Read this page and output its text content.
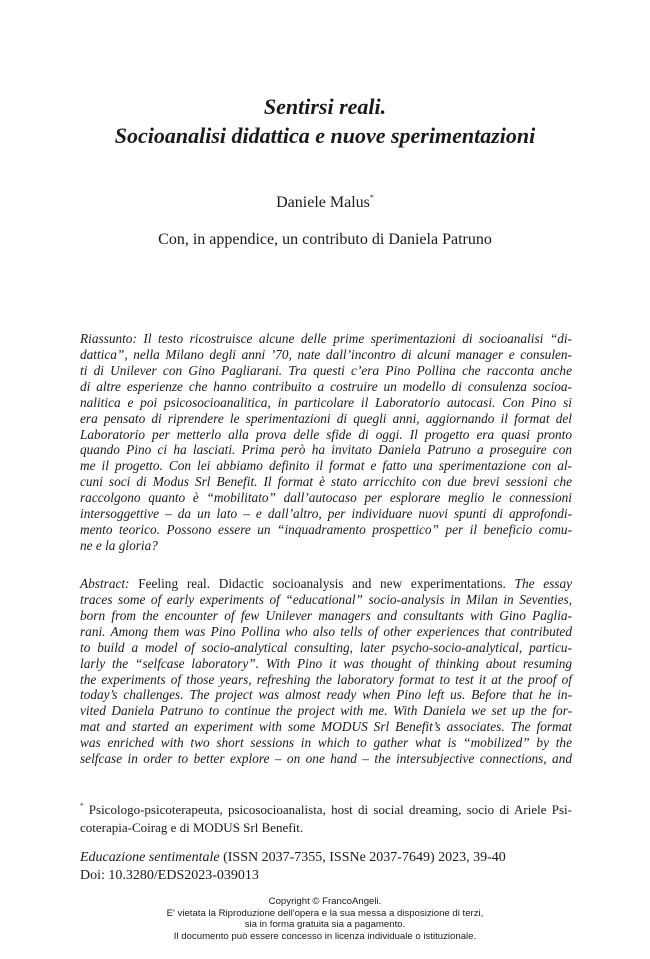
Sentirsi reali.
Socioanalisi didattica e nuove sperimentazioni
Daniele Malus*
Con, in appendice, un contributo di Daniela Patruno
Riassunto: Il testo ricostruisce alcune delle prime sperimentazioni di socioanalisi “di-
dattica”, nella Milano degli anni ’70, nate dall’incontro di alcuni manager e consulen-
ti di Unilever con Gino Pagliarani. Tra questi c’era Pino Pollina che racconta anche
di altre esperienze che hanno contribuito a costruire un modello di consulenza socioa-
nalitica e poi psicosocioanalitica, in particolare il Laboratorio autocasi. Con Pino si
era pensato di riprendere le sperimentazioni di quegli anni, aggiornando il format del
Laboratorio per metterlo alla prova delle sfide di oggi. Il progetto era quasi pronto
quando Pino ci ha lasciati. Prima però ha invitato Daniela Patruno a proseguire con
me il progetto. Con lei abbiamo definito il format e fatto una sperimentazione con al-
cuni soci di Modus Srl Benefit. Il format è stato arricchito con due brevi sessioni che
raccolgono quanto è “mobilitato” dall’autocaso per esplorare meglio le connessioni
intersoggettive – da un lato – e dall’altro, per individuare nuovi spunti di approfondi-
mento teorico. Possono essere un “inquadramento prospettico” per il beneficio comu-
ne e la gloria?
Abstract: Feeling real. Didactic socioanalysis and new experimentations. The essay
traces some of early experiments of “educational” socio-analysis in Milan in Seventies,
born from the encounter of few Unilever managers and consultants with Gino Paglia-
rani. Among them was Pino Pollina who also tells of other experiences that contributed
to build a model of socio-analytical consulting, later psycho-socio-analytical, particu-
larly the “selfcase laboratory”. With Pino it was thought of thinking about resuming
the experiments of those years, refreshing the laboratory format to test it at the proof of
today’s challenges. The project was almost ready when Pino left us. Before that he in-
vited Daniela Patruno to continue the project with me. With Daniela we set up the for-
mat and started an experiment with some MODUS Srl Benefit’s associates. The format
was enriched with two short sessions in which to gather what is “mobilized” by the
selfcase in order to better explore – on one hand – the intersubjective connections, and
* Psicologo-psicoterapeuta, psicosocioanalista, host di social dreaming, socio di Ariele Psi-
coterapia-Coirag e di MODUS Srl Benefit.
Educazione sentimentale (ISSN 2037-7355, ISSNe 2037-7649) 2023, 39-40
Doi: 10.3280/EDS2023-039013
Copyright © FrancoAngeli.
E' vietata la Riproduzione dell'opera e la sua messa a disposizione di terzi,
sia in forma gratuita sia a pagamento.
Il documento può essere concesso in licenza individuale o istituzionale.
